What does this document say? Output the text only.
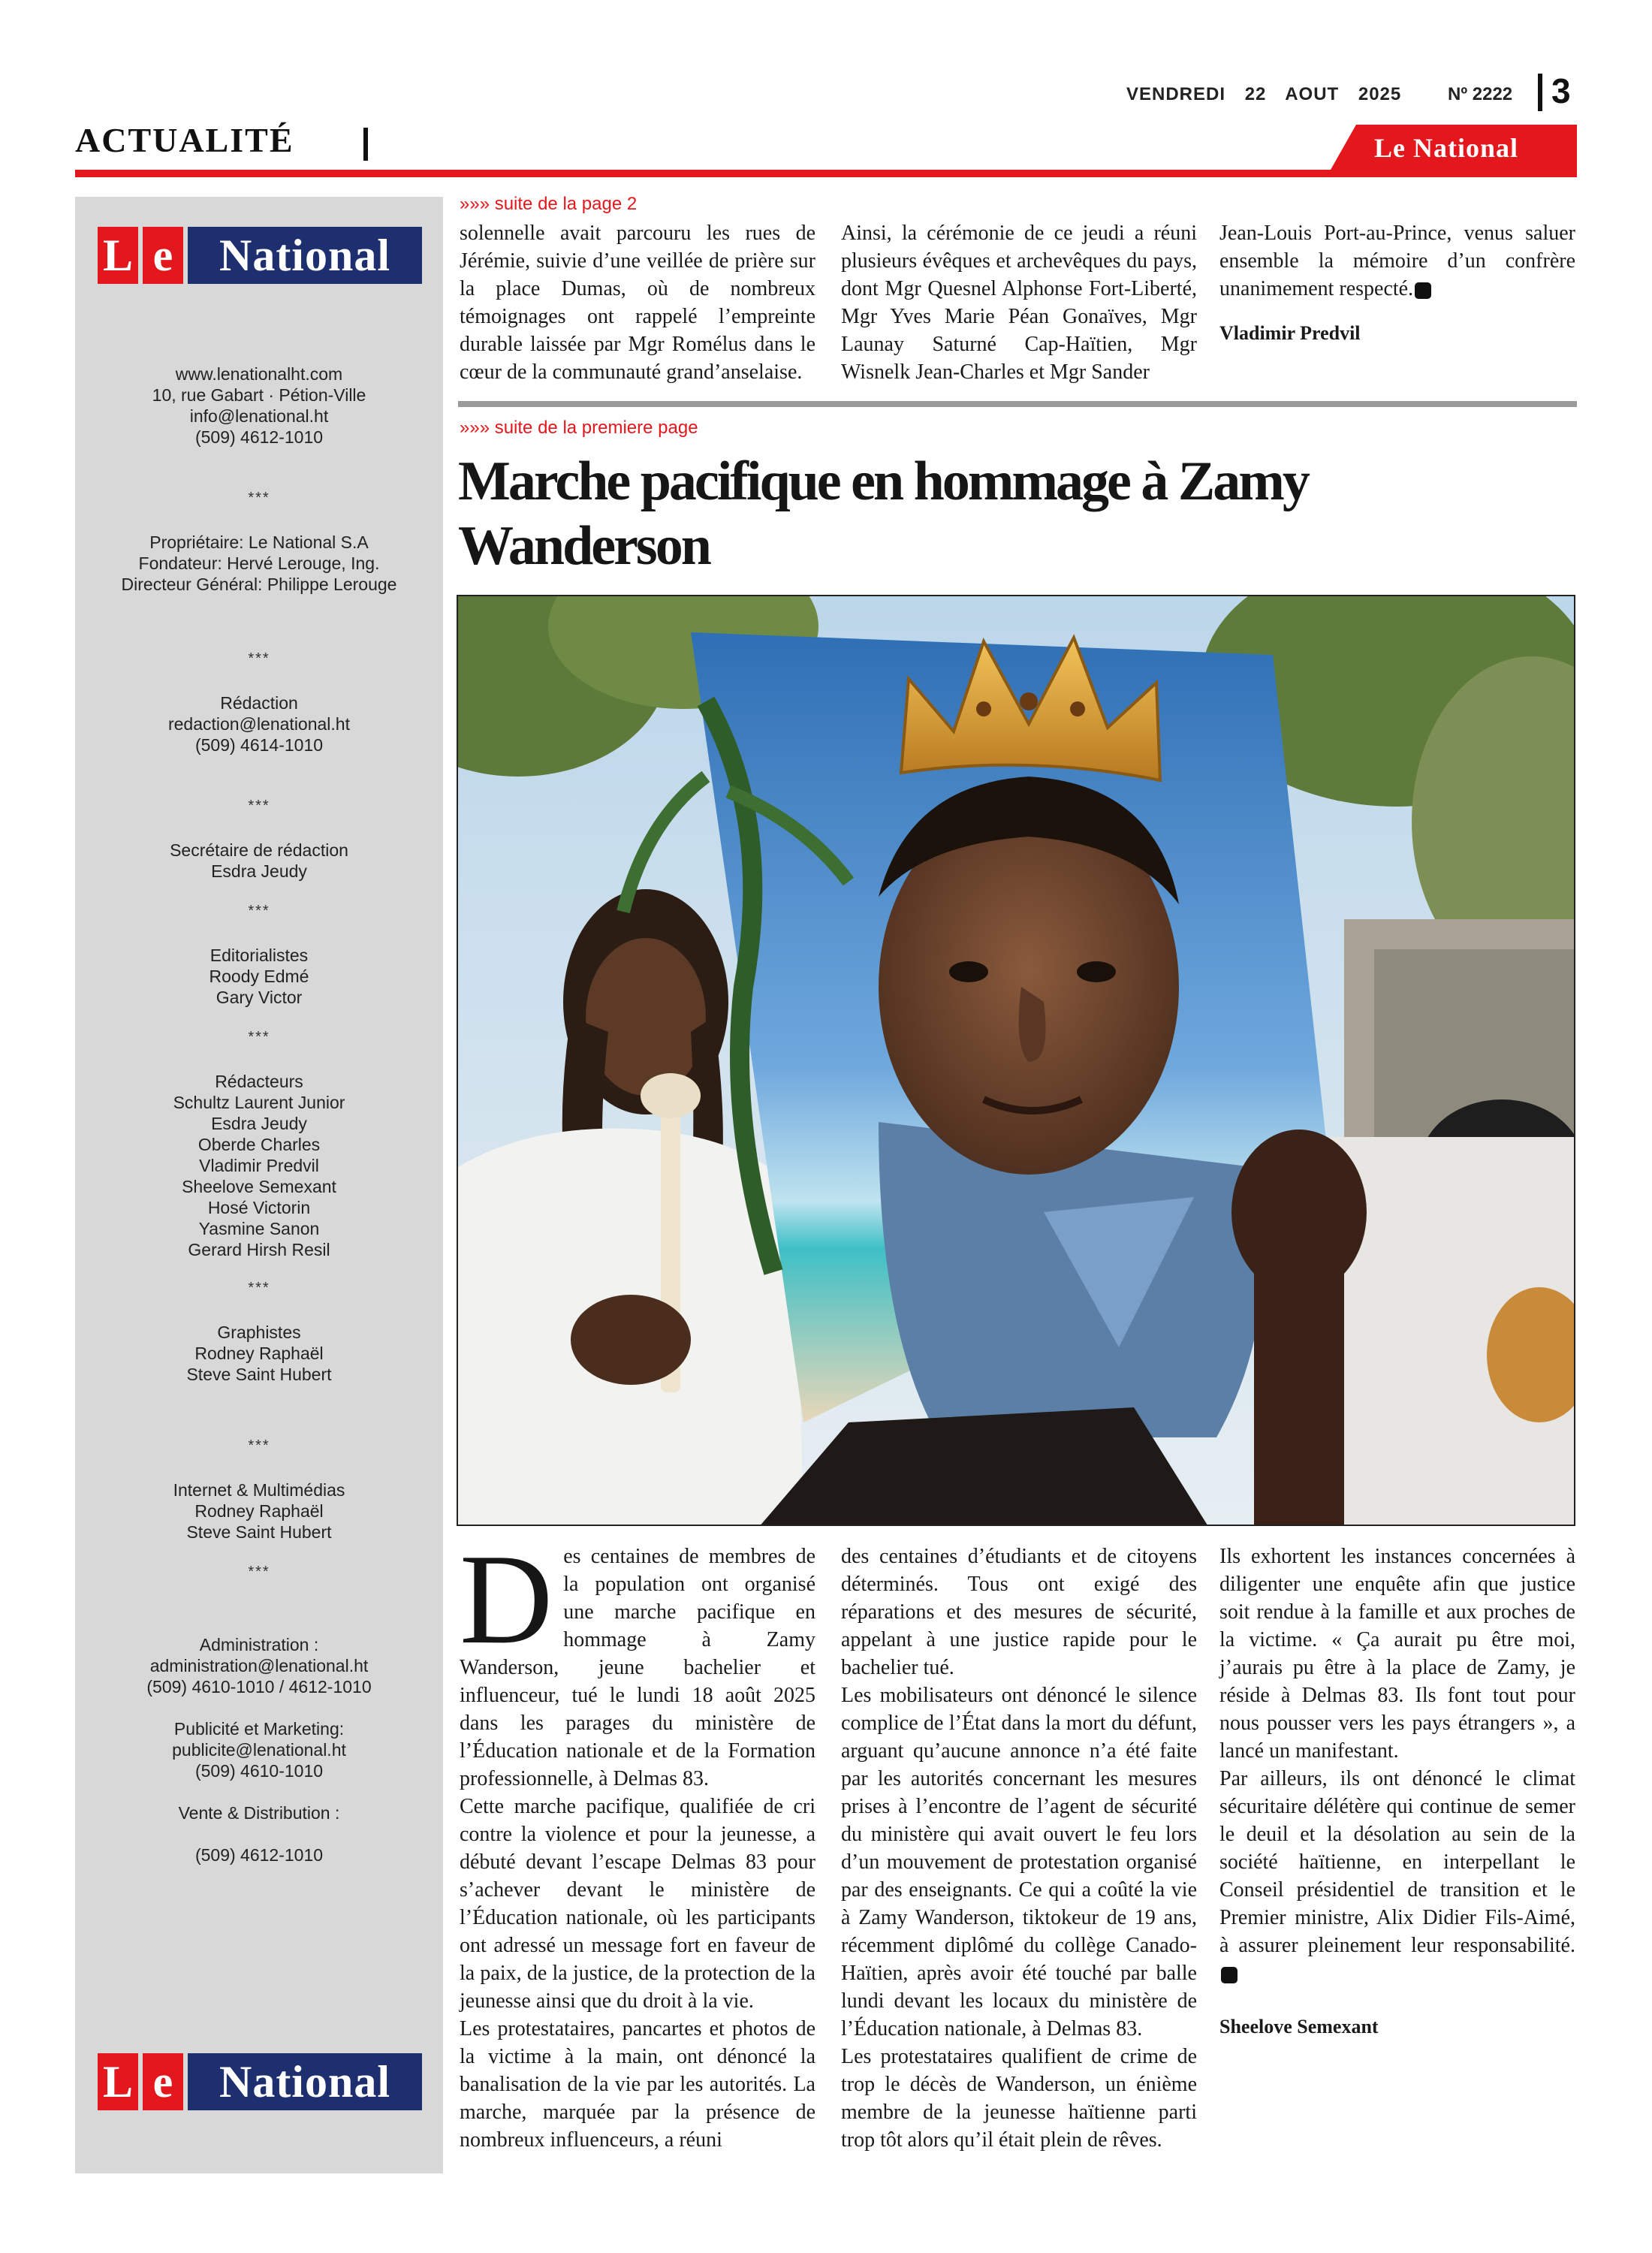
VENDREDI 22 AOUT 2025	Nº 2222 3
ACTUALITÉ	Le National
L e	National
www.lenationalht.com
10, rue Gabart · Pétion-Ville
info@lenational.ht
(509) 4612-1010
***
Propriétaire: Le National S.A
Fondateur: Hervé Lerouge, Ing.
Directeur Général: Philippe Lerouge
***
Rédaction
redaction@lenational.ht
(509) 4614-1010
***
Secrétaire de rédaction
Esdra Jeudy
***
Editorialistes
Roody Edmé
Gary Victor
***
Rédacteurs
Schultz Laurent Junior
Esdra Jeudy
Oberde Charles
Vladimir Predvil
Sheelove Semexant
Hosé Victorin
Yasmine Sanon
Gerard Hirsh Resil
***
Graphistes
Rodney Raphaël
Steve Saint Hubert
***
Internet & Multimédias
Rodney Raphaël
Steve Saint Hubert
***
Administration :
administration@lenational.ht
(509) 4610-1010 / 4612-1010
Publicité et Marketing:
publicite@lenational.ht
(509) 4610-1010
Vente & Distribution :
(509) 4612-1010
L e	National
»»» suite de la page 2

solennelle avait parcouru les rues de Jérémie, suivie d’une veillée de prière sur la place Dumas, où de nombreux témoignages ont rappelé l’empreinte durable laissée par Mgr Romélus dans le cœur de la communauté grand’anselaise.

Ainsi, la cérémonie de ce jeudi a réuni plusieurs évêques et archevêques du pays, dont Mgr Quesnel Alphonse Fort-Liberté, Mgr Yves Marie Péan Gonaïves, Mgr Launay Saturné Cap-Haïtien, Mgr Wisnelk Jean-Charles et Mgr Sander

Jean-Louis Port-au-Prince, venus saluer ensemble la mémoire d’un confrère unanimement respecté.

Vladimir Predvil
»»» suite de la premiere page
Marche pacifique en hommage à Zamy Wanderson

Des centaines de membres de la population ont organisé une marche pacifique en hommage à Zamy Wanderson, jeune bachelier et influenceur, tué le lundi 18 août 2025 dans les parages du ministère de l’Éducation nationale et de la Formation professionnelle, à Delmas 83.

Cette marche pacifique, qualifiée de cri contre la violence et pour la jeunesse, a débuté devant l’escape Delmas 83 pour s’achever devant le ministère de l’Éducation nationale, où les participants ont adressé un message fort en faveur de la paix, de la justice, de la protection de la jeunesse ainsi que du droit à la vie.

Les protestataires, pancartes et photos de la victime à la main, ont dénoncé la banalisation de la vie par les autorités. La marche, marquée par la présence de nombreux influenceurs, a réuni

des centaines d’étudiants et de citoyens déterminés. Tous ont exigé des réparations et des mesures de sécurité, appelant à une justice rapide pour le bachelier tué.

Les mobilisateurs ont dénoncé le silence complice de l’État dans la mort du défunt, arguant qu’aucune annonce n’a été faite par les autorités concernant les mesures prises à l’encontre de l’agent de sécurité du ministère qui avait ouvert le feu lors d’un mouvement de protestation organisé par des enseignants. Ce qui a coûté la vie à Zamy Wanderson, tiktokeur de 19 ans, récemment diplômé du collège Canado-Haïtien, après avoir été touché par balle lundi devant les locaux du ministère de l’Éducation nationale, à Delmas 83.

Les protestataires qualifient de crime de trop le décès de Wanderson, un énième membre de la jeunesse haïtienne parti trop tôt alors qu’il était plein de rêves.

Ils exhortent les instances concernées à diligenter une enquête afin que justice soit rendue à la famille et aux proches de la victime. « Ça aurait pu être moi, j’aurais pu être à la place de Zamy, je réside à Delmas 83. Ils font tout pour nous pousser vers les pays étrangers », a lancé un manifestant.

Par ailleurs, ils ont dénoncé le climat sécuritaire délétère qui continue de semer le deuil et la désolation au sein de la société haïtienne, en interpellant le Conseil présidentiel de transition et le Premier ministre, Alix Didier Fils-Aimé, à assurer pleinement leur responsabilité.

Sheelove Semexant
